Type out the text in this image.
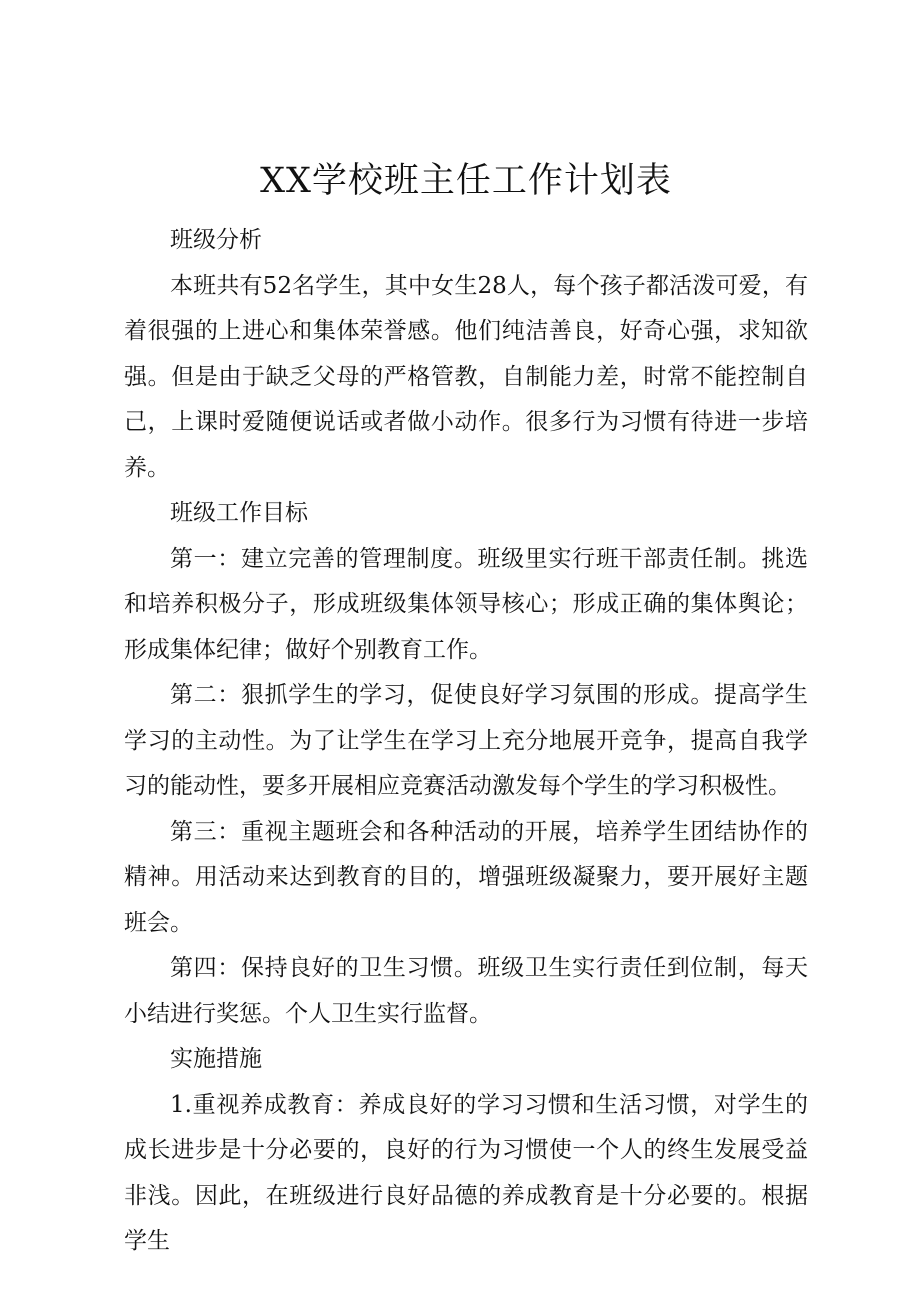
XX学校班主任工作计划表

班级分析

本班共有52名学生，其中女生28人，每个孩子都活泼可爱，有着很强的上进心和集体荣誉感。他们纯洁善良，好奇心强，求知欲强。但是由于缺乏父母的严格管教，自制能力差，时常不能控制自己，上课时爱随便说话或者做小动作。很多行为习惯有待进一步培养。

班级工作目标

第一：建立完善的管理制度。班级里实行班干部责任制。挑选和培养积极分子，形成班级集体领导核心；形成正确的集体舆论；形成集体纪律；做好个别教育工作。

第二：狠抓学生的学习，促使良好学习氛围的形成。提高学生学习的主动性。为了让学生在学习上充分地展开竞争，提高自我学习的能动性，要多开展相应竞赛活动激发每个学生的学习积极性。

第三：重视主题班会和各种活动的开展，培养学生团结协作的精神。用活动来达到教育的目的，增强班级凝聚力，要开展好主题班会。

第四：保持良好的卫生习惯。班级卫生实行责任到位制，每天小结进行奖惩。个人卫生实行监督。

实施措施

1.重视养成教育：养成良好的学习习惯和生活习惯，对学生的成长进步是十分必要的，良好的行为习惯使一个人的终生发展受益非浅。因此，在班级进行良好品德的养成教育是十分必要的。根据学生
